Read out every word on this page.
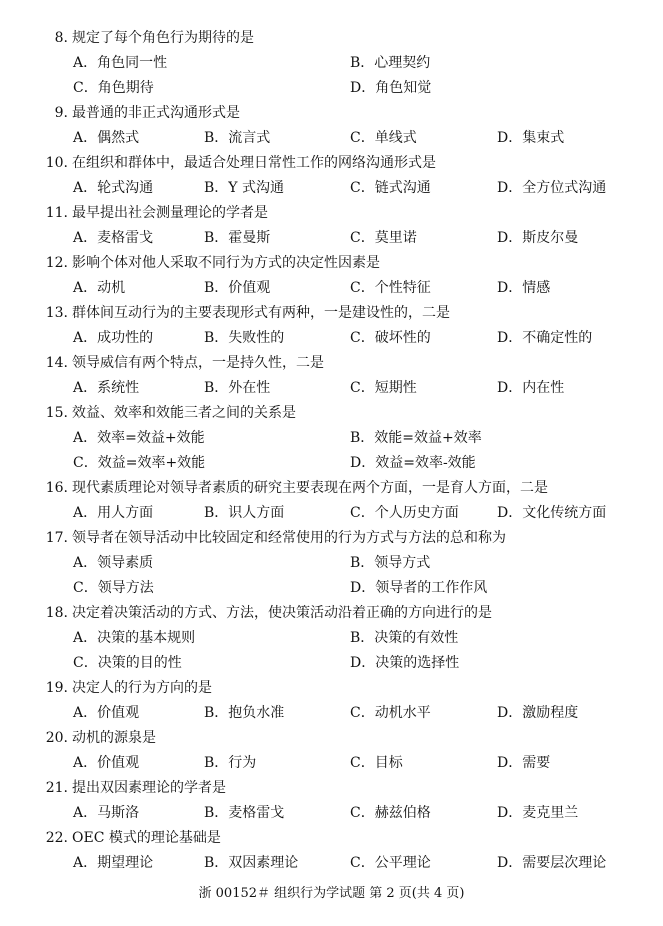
8. 规定了每个角色行为期待的是
A．角色同一性	B．心理契约
C．角色期待	D．角色知觉
9. 最普通的非正式沟通形式是
A．偶然式	B．流言式	C．单线式	D．集束式
10. 在组织和群体中，最适合处理日常性工作的网络沟通形式是
A．轮式沟通	B．Y 式沟通	C．链式沟通	D．全方位式沟通
11. 最早提出社会测量理论的学者是
A．麦格雷戈	B．霍曼斯	C．莫里诺	D．斯皮尔曼
12. 影响个体对他人采取不同行为方式的决定性因素是
A．动机	B．价值观	C．个性特征	D．情感
13. 群体间互动行为的主要表现形式有两种，一是建设性的，二是
A．成功性的	B．失败性的	C．破坏性的	D．不确定性的
14. 领导威信有两个特点，一是持久性，二是
A．系统性	B．外在性	C．短期性	D．内在性
15. 效益、效率和效能三者之间的关系是
A．效率=效益+效能	B．效能=效益+效率
C．效益=效率+效能	D．效益=效率-效能
16. 现代素质理论对领导者素质的研究主要表现在两个方面，一是育人方面，二是
A．用人方面	B．识人方面	C．个人历史方面	D．文化传统方面
17. 领导者在领导活动中比较固定和经常使用的行为方式与方法的总和称为
A．领导素质	B．领导方式
C．领导方法	D．领导者的工作作风
18. 决定着决策活动的方式、方法，使决策活动沿着正确的方向进行的是
A．决策的基本规则	B．决策的有效性
C．决策的目的性	D．决策的选择性
19. 决定人的行为方向的是
A．价值观	B．抱负水准	C．动机水平	D．激励程度
20. 动机的源泉是
A．价值观	B．行为	C．目标	D．需要
21. 提出双因素理论的学者是
A．马斯洛	B．麦格雷戈	C．赫兹伯格	D．麦克里兰
22. OEC 模式的理论基础是
A．期望理论	B．双因素理论	C．公平理论	D．需要层次理论
浙 00152＃ 组织行为学试题 第 2 页(共 4 页)
